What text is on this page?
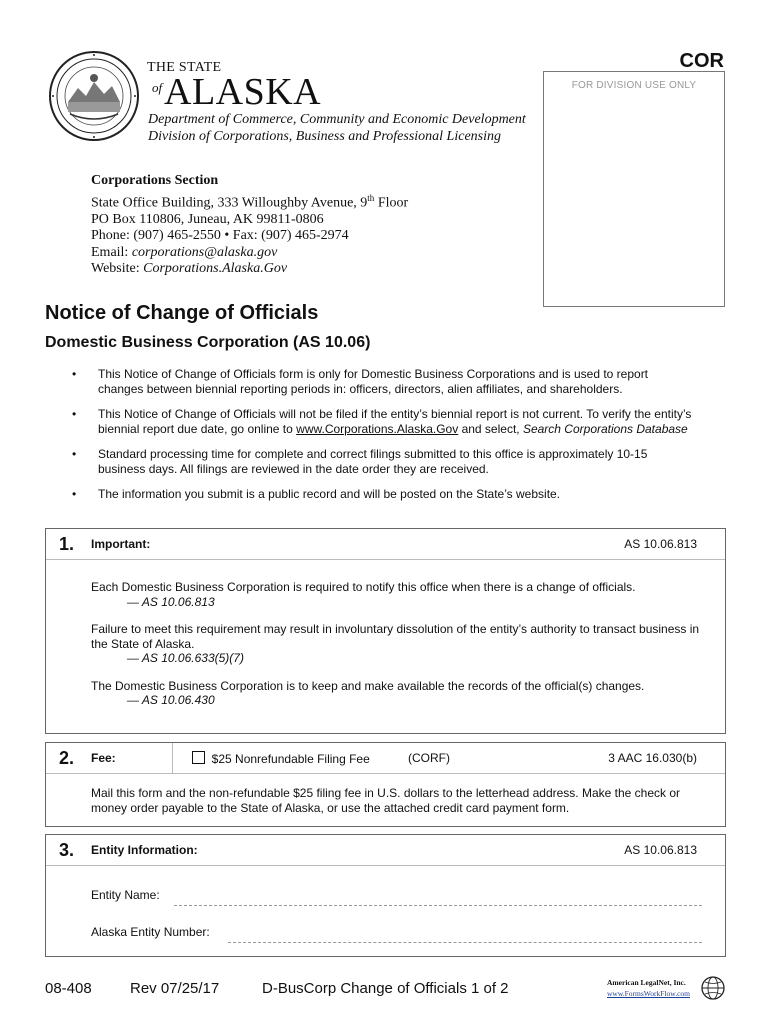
THE STATE
of ALASKA
Department of Commerce, Community and Economic Development
Division of Corporations, Business and Professional Licensing
COR
FOR DIVISION USE ONLY
Corporations Section
State Office Building, 333 Willoughby Avenue, 9th Floor
PO Box 110806, Juneau, AK 99811-0806
Phone: (907) 465-2550 • Fax: (907) 465-2974
Email: corporations@alaska.gov
Website: Corporations.Alaska.Gov
Notice of Change of Officials
Domestic Business Corporation (AS 10.06)
• This Notice of Change of Officials form is only for Domestic Business Corporations and is used to report changes between biennial reporting periods in: officers, directors, alien affiliates, and shareholders.
• This Notice of Change of Officials will not be filed if the entity’s biennial report is not current. To verify the entity’s biennial report due date, go online to www.Corporations.Alaska.Gov and select, Search Corporations Database
• Standard processing time for complete and correct filings submitted to this office is approximately 10-15 business days. All filings are reviewed in the date order they are received.
• The information you submit is a public record and will be posted on the State’s website.
1. Important:	AS 10.06.813

Each Domestic Business Corporation is required to notify this office when there is a change of officials.
— AS 10.06.813

Failure to meet this requirement may result in involuntary dissolution of the entity’s authority to transact business in the State of Alaska.
— AS 10.06.633(5)(7)

The Domestic Business Corporation is to keep and make available the records of the official(s) changes.
— AS 10.06.430

2. Fee:	$25 Nonrefundable Filing Fee	(CORF)	3 AAC 16.030(b)
Mail this form and the non-refundable $25 filing fee in U.S. dollars to the letterhead address. Make the check or money order payable to the State of Alaska, or use the attached credit card payment form.
3. Entity Information:	AS 10.06.813
Entity Name:
Alaska Entity Number:
08-408	Rev 07/25/17	D-BusCorp Change of Officials 1 of 2	American LegalNet, Inc.
www.FormsWorkFlow.com
